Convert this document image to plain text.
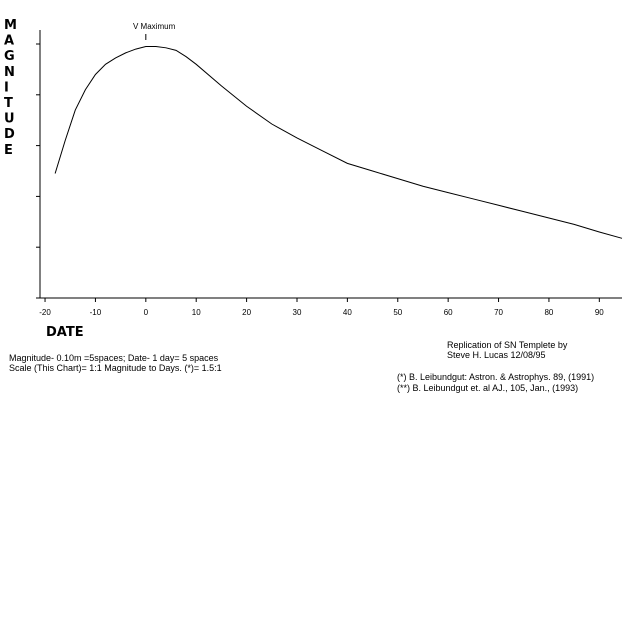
M
A
G
N
I
T
U
D
E
-20	-10	0	10	20	30	40	50	60	70	80	90
DATE
V Maximum
Replication of SN Templete by
Steve H. Lucas 12/08/95
Magnitude- 0.10m =5spaces; Date- 1 day= 5 spaces
Scale (This Chart)= 1:1 Magnitude to Days. (*)= 1.5:1
(*) B. Leibundgut: Astron. & Astrophys. 89, (1991)
(**) B. Leibundgut et. al AJ., 105, Jan., (1993)
